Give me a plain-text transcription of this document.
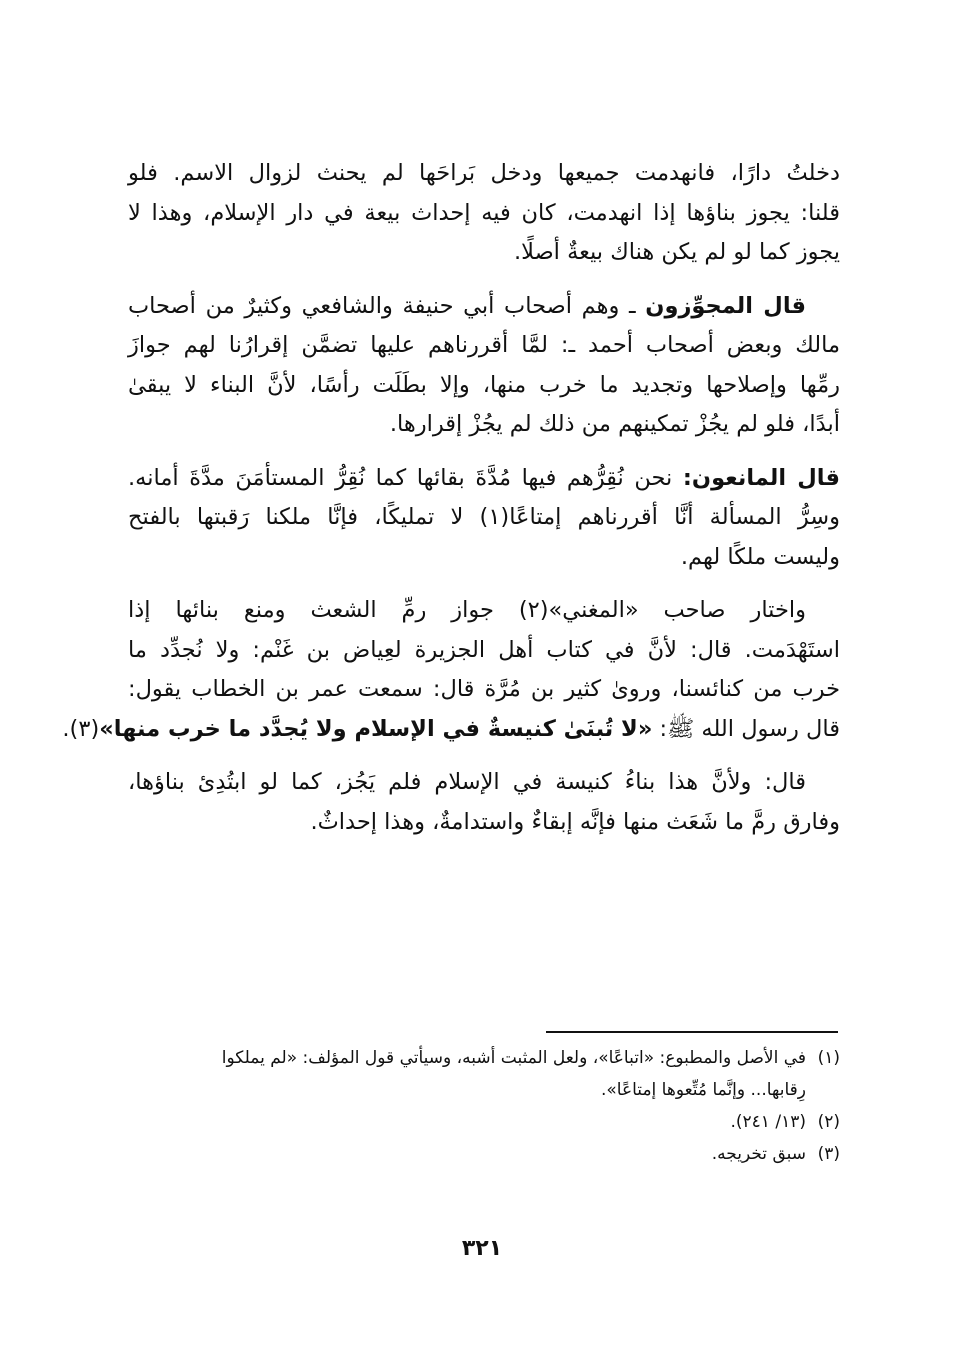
دخلتُ دارًا، فانهدمت جميعها ودخل بَراحَها لم يحنث لزوال الاسم. فلو
قلنا: يجوز بناؤها إذا انهدمت، كان فيه إحداث بيعة في دار الإسلام، وهذا لا
يجوز كما لو لم يكن هناك بيعةٌ أصلًا.
قال المجوِّزون ـ وهم أصحاب أبي حنيفة والشافعي وكثيرٌ من أصحاب
مالك وبعض أصحاب أحمد ـ: لمَّا أقررناهم عليها تضمَّن إقرارُنا لهم جوازَ
رمِّها وإصلاحها وتجديد ما خرب منها، وإلا بطَلَت رأسًا، لأنَّ البناء لا يبقىٰ
أبدًا، فلو لم يجُزْ تمكينهم من ذلك لم يجُزْ إقرارها.
قال المانعون: نحن نُقِرُّهم فيها مُدَّةَ بقائها كما نُقِرُّ المستأمَنَ مدَّةَ أمانه.
وسِرُّ المسألة أنَّا أقررناهم إمتاعًا(١) لا تمليكًا، فإنَّا ملكنا رَقبتها بالفتح
وليست ملكًا لهم.
واختار صاحب «المغني»(٢) جواز رمِّ الشعث ومنع بنائها إذا
استَهْدَمت. قال: لأنَّ في كتاب أهل الجزيرة لعِياض بن غَنْم: ولا نُجدِّد ما
خرب من كنائسنا، وروىٰ كثير بن مُرَّة قال: سمعت عمر بن الخطاب يقول:
قال رسول الله ﷺ: «لا تُبنَىٰ كنيسةٌ في الإسلام ولا يُجدَّد ما خرب منها»(٣).
قال: ولأنَّ هذا بناءُ كنيسة في الإسلام فلم يَجُز، كما لو ابتُدِئ بناؤها،
وفارق رمَّ ما شَعَث منها فإنَّه إبقاءٌ واستدامةٌ، وهذا إحداثٌ.
(١)في الأصل والمطبوع: «اتباعًا»، ولعل المثبت أشبه، وسيأتي قول المؤلف: «لم يملكوا
رِقابها... وإنَّما مُتِّعوها إمتاعًا».
(٢)(١٣/ ٢٤١).
(٣)سبق تخريجه.
٣٢١
